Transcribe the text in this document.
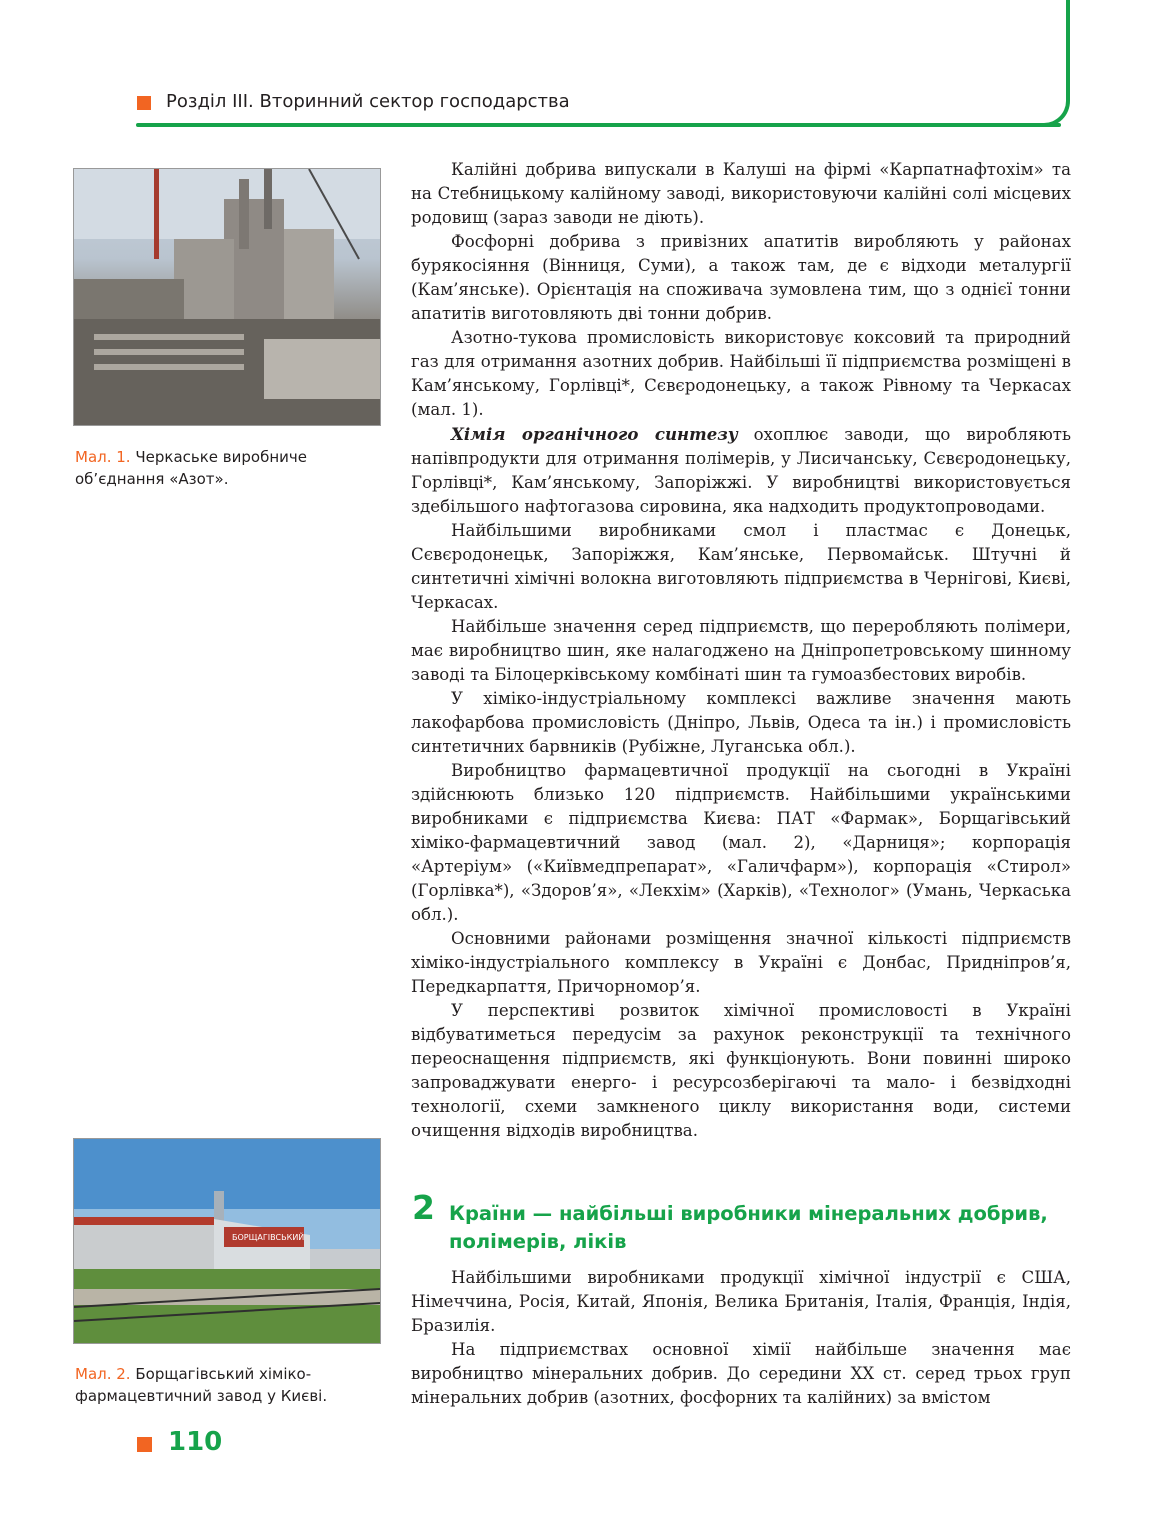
Розділ III. Вторинний сектор господарства
Мал. 1. Черкаське виробниче об’єднання «Азот».
БОРЩАГІВСЬКИЙ
Мал. 2. Борщагівський хіміко-фармацевтичний завод у Києві.

Калійні добрива випускали в Калуші на фірмі «Карпатнафтохім» та на Стебницькому калійному заводі, використовуючи калійні солі місцевих родовищ (зараз заводи не діють).

Фосфорні добрива з привізних апатитів виробляють у районах бурякосіяння (Вінниця, Суми), а також там, де є відходи металургії (Кам’янське). Орієнтація на споживача зумовлена тим, що з однієї тонни апатитів виготовляють дві тонни добрив.

Азотно-тукова промисловість використовує коксовий та природний газ для отримання азотних добрив. Найбільші її підприємства розміщені в Кам’янському, Горлівці*, Сєвєродонецьку, а також Рівному та Черкасах (мал. 1).

Хімія органічного синтезу охоплює заводи, що виробляють напівпродукти для отримання полімерів, у Лисичанську, Сєвєродонецьку, Горлівці*, Кам’янському, Запоріжжі. У виробництві використовується здебільшого нафтогазова сировина, яка надходить продуктопроводами.

Найбільшими виробниками смол і пластмас є Донецьк, Сєвєродонецьк, Запоріжжя, Кам’янське, Первомайськ. Штучні й синтетичні хімічні волокна виготовляють підприємства в Чернігові, Києві, Черкасах.

Найбільше значення серед підприємств, що переробляють полімери, має виробництво шин, яке налагоджено на Дніпропетровському шинному заводі та Білоцерківському комбінаті шин та гумоазбестових виробів.

У хіміко-індустріальному комплексі важливе значення мають лакофарбова промисловість (Дніпро, Львів, Одеса та ін.) і промисловість синтетичних барвників (Рубіжне, Луганська обл.).

Виробництво фармацевтичної продукції на сьогодні в Україні здійснюють близько 120 підприємств. Найбільшими українськими виробниками є підприємства Києва: ПАТ «Фармак», Борщагівський хіміко-фармацевтичний завод (мал. 2), «Дарниця»; корпорація «Артеріум» («Київмедпрепарат», «Галичфарм»), корпорація «Стирол» (Горлівка*), «Здоров’я», «Лекхім» (Харків), «Технолог» (Умань, Черкаська обл.).

Основними районами розміщення значної кількості підприємств хіміко-індустріального комплексу в Україні є Донбас, Придніпров’я, Передкарпаття, Причорномор’я.

У перспективі розвиток хімічної промисловості в Україні відбуватиметься передусім за рахунок реконструкції та технічного переоснащення підприємств, які функціонують. Вони повинні широко запроваджувати енерго- і ресурсозберігаючі та мало- і безвідходні технології, схеми замкненого циклу використання води, системи очищення відходів виробництва.

2 Країни — найбільші виробники мінеральних добрив, полімерів, ліків

Найбільшими виробниками продукції хімічної індустрії є США, Німеччина, Росія, Китай, Японія, Велика Британія, Італія, Франція, Індія, Бразилія.

На підприємствах основної хімії найбільше значення має виробництво мінеральних добрив. До середини XX ст. серед трьох груп мінеральних добрив (азотних, фосфорних та калійних) за вмістом

110
